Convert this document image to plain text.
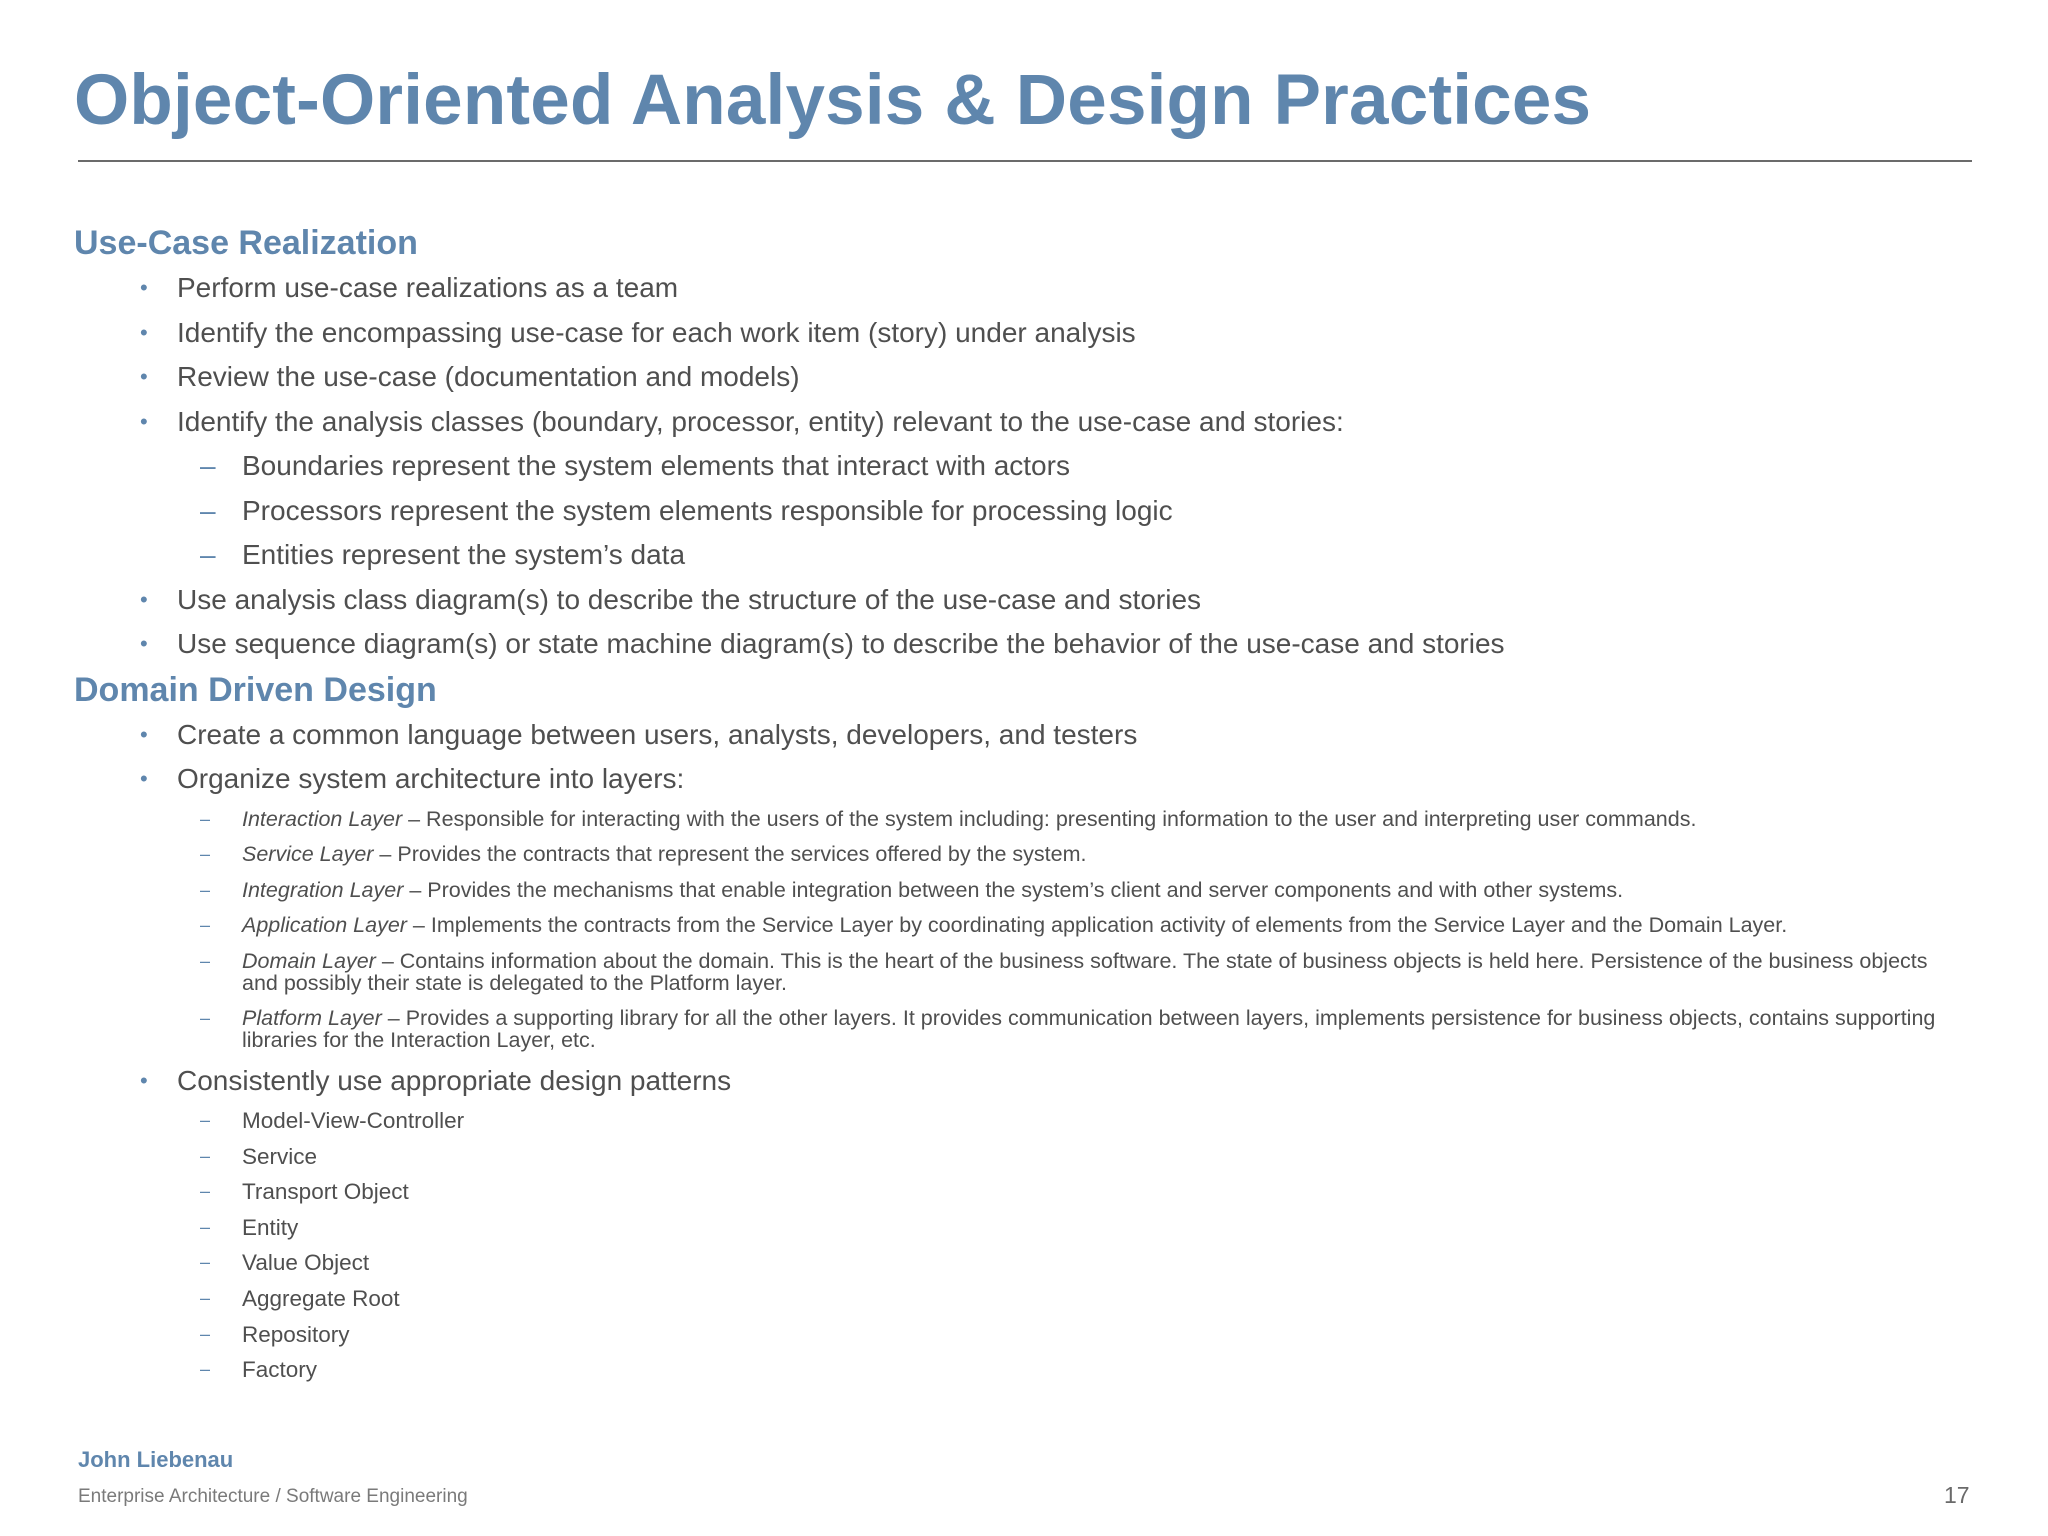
Object-Oriented Analysis & Design Practices
Use-Case Realization
• Perform use-case realizations as a team
• Identify the encompassing use-case for each work item (story) under analysis
• Review the use-case (documentation and models)
• Identify the analysis classes (boundary, processor, entity) relevant to the use-case and stories:
– Boundaries represent the system elements that interact with actors
– Processors represent the system elements responsible for processing logic
– Entities represent the system’s data
• Use analysis class diagram(s) to describe the structure of the use-case and stories
• Use sequence diagram(s) or state machine diagram(s) to describe the behavior of the use-case and stories
Domain Driven Design
• Create a common language between users, analysts, developers, and testers
• Organize system architecture into layers:
– Interaction Layer – Responsible for interacting with the users of the system including: presenting information to the user and interpreting user commands.
– Service Layer – Provides the contracts that represent the services offered by the system.
– Integration Layer – Provides the mechanisms that enable integration between the system’s client and server components and with other systems.
– Application Layer – Implements the contracts from the Service Layer by coordinating application activity of elements from the Service Layer and the Domain Layer.
– Domain Layer – Contains information about the domain. This is the heart of the business software. The state of business objects is held here. Persistence of the business objects and possibly their state is delegated to the Platform layer.
– Platform Layer – Provides a supporting library for all the other layers. It provides communication between layers, implements persistence for business objects, contains supporting libraries for the Interaction Layer, etc.
• Consistently use appropriate design patterns
– Model-View-Controller
– Service
– Transport Object
– Entity
– Value Object
– Aggregate Root
– Repository
– Factory
John Liebenau
Enterprise Architecture / Software Engineering	17
